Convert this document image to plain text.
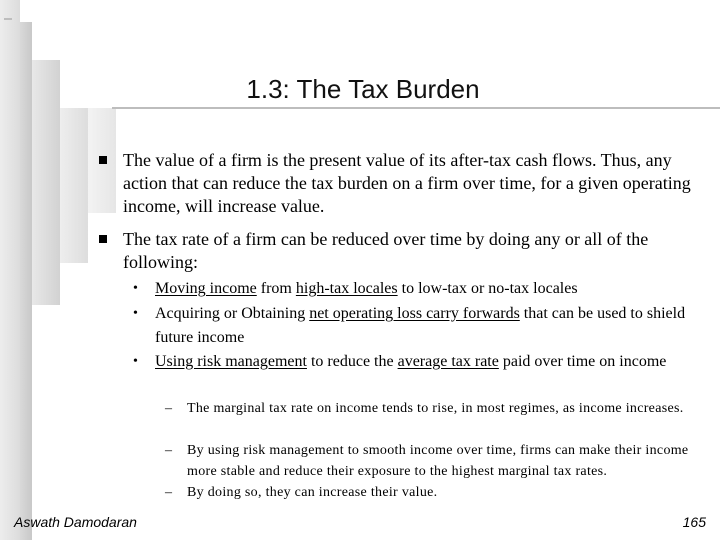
1.3: The Tax Burden
The value of a firm is the present value of its after-tax cash flows. Thus, any action that can reduce the tax burden on a firm over time, for a given operating income, will increase value.
The tax rate of a firm can be reduced over time by doing any or all of the following:
• Moving income from high-tax locales to low-tax or no-tax locales
• Acquiring or Obtaining net operating loss carry forwards that can be used to shield future income
• Using risk management to reduce the average tax rate paid over time on income
– The marginal tax rate on income tends to rise, in most regimes, as income increases.
– By using risk management to smooth income over time, firms can make their income more stable and reduce their exposure to the highest marginal tax rates.
– By doing so, they can increase their value.
Aswath Damodaran	165
